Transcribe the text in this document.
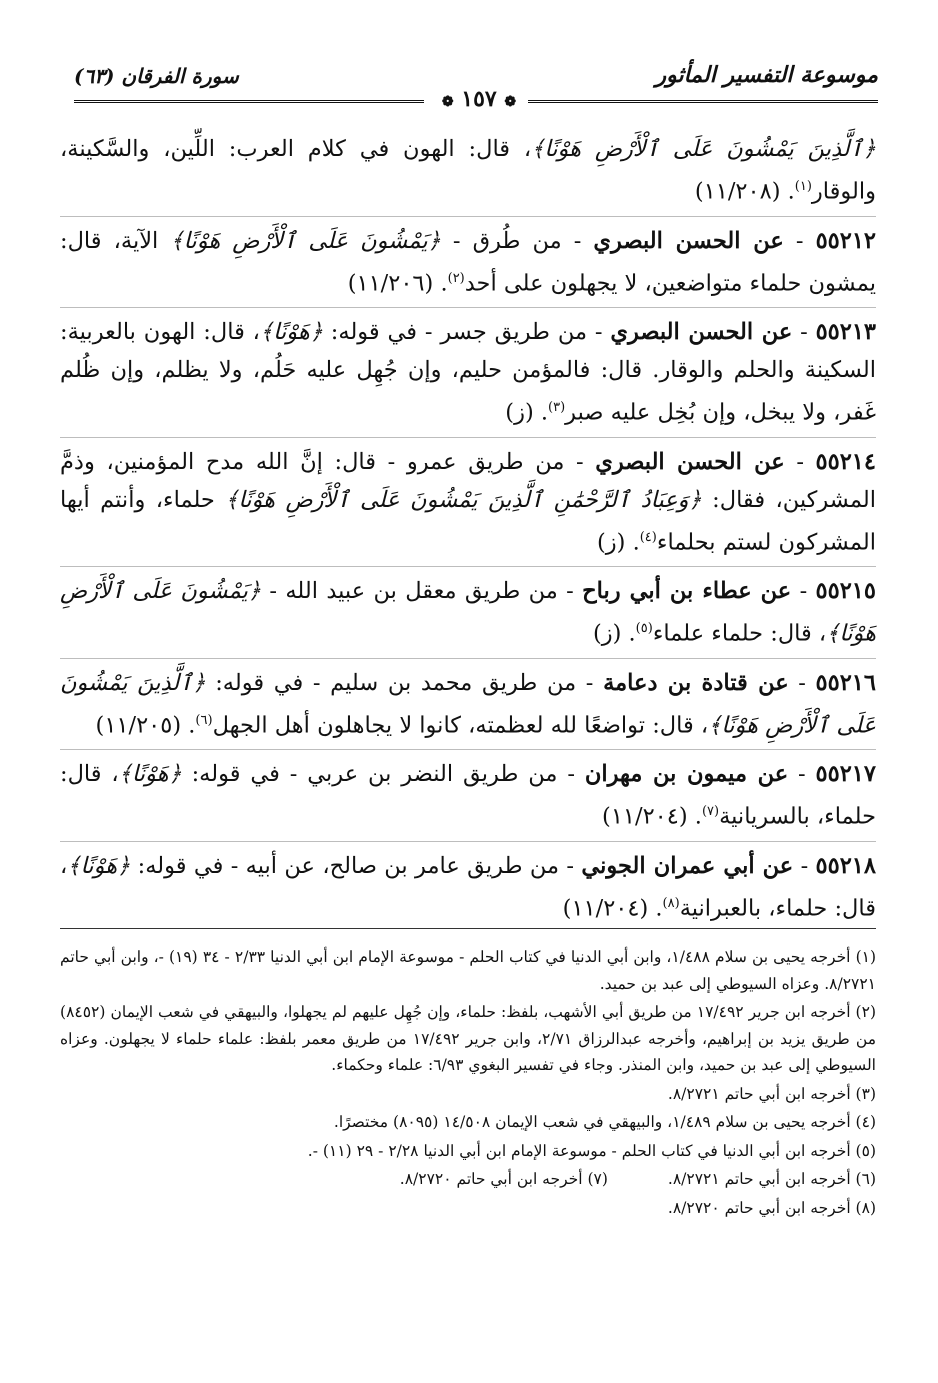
موسوعة التفسير المأثور
سورة الفرقان (٦٣)
❁ ١٥٧ ❁

﴿ٱلَّذِينَ يَمْشُونَ عَلَى ٱلْأَرْضِ هَوْنًا﴾، قال: الهون في كلام العرب: اللِّين، والسَّكينة، والوقار$^{(١)}$. (١١/٢٠٨)

٥٥٢١٢ - عن الحسن البصري - من طُرق - ﴿يَمْشُونَ عَلَى ٱلْأَرْضِ هَوْنًا﴾ الآية، قال: يمشون حلماء متواضعين، لا يجهلون على أحد$^{(٢)}$. (١١/٢٠٦)

٥٥٢١٣ - عن الحسن البصري - من طريق جسر - في قوله: ﴿هَوْنًا﴾، قال: الهون بالعربية: السكينة والحلم والوقار. قال: فالمؤمن حليم، وإن جُهِل عليه حَلُم، ولا يظلم، وإن ظُلم غَفر، ولا يبخل، وإن بُخِل عليه صبر$^{(٣)}$. (ز)

٥٥٢١٤ - عن الحسن البصري - من طريق عمرو - قال: إنَّ الله مدح المؤمنين، وذمَّ المشركين، فقال: ﴿وَعِبَادُ ٱلرَّحْمَٰنِ ٱلَّذِينَ يَمْشُونَ عَلَى ٱلْأَرْضِ هَوْنًا﴾ حلماء، وأنتم أيها المشركون لستم بحلماء$^{(٤)}$. (ز)

٥٥٢١٥ - عن عطاء بن أبي رباح - من طريق معقل بن عبيد الله - ﴿يَمْشُونَ عَلَى ٱلْأَرْضِ هَوْنًا﴾، قال: حلماء علماء$^{(٥)}$. (ز)

٥٥٢١٦ - عن قتادة بن دعامة - من طريق محمد بن سليم - في قوله: ﴿ٱلَّذِينَ يَمْشُونَ عَلَى ٱلْأَرْضِ هَوْنًا﴾، قال: تواضعًا لله لعظمته، كانوا لا يجاهلون أهل الجهل$^{(٦)}$. (١١/٢٠٥)

٥٥٢١٧ - عن ميمون بن مهران - من طريق النضر بن عربي - في قوله: ﴿هَوْنًا﴾، قال: حلماء، بالسريانية$^{(٧)}$. (١١/٢٠٤)

٥٥٢١٨ - عن أبي عمران الجوني - من طريق عامر بن صالح، عن أبيه - في قوله: ﴿هَوْنًا﴾، قال: حلماء، بالعبرانية$^{(٨)}$. (١١/٢٠٤)

(١) أخرجه يحيى بن سلام ١/٤٨٨، وابن أبي الدنيا في كتاب الحلم - موسوعة الإمام ابن أبي الدنيا ٢/٣٣ - ٣٤ (١٩) -، وابن أبي حاتم ٨/٢٧٢١. وعزاه السيوطي إلى عبد بن حميد.

(٢) أخرجه ابن جرير ١٧/٤٩٢ من طريق أبي الأشهب، بلفظ: حلماء، وإن جُهِل عليهم لم يجهلوا، والبيهقي في شعب الإيمان (٨٤٥٢) من طريق يزيد بن إبراهيم، وأخرجه عبدالرزاق ٢/٧١، وابن جرير ١٧/٤٩٢ من طريق معمر بلفظ: علماء حلماء لا يجهلون. وعزاه السيوطي إلى عبد بن حميد، وابن المنذر. وجاء في تفسير البغوي ٦/٩٣: علماء وحكماء.

(٣) أخرجه ابن أبي حاتم ٨/٢٧٢١.

(٤) أخرجه يحيى بن سلام ١/٤٨٩، والبيهقي في شعب الإيمان ١٤/٥٠٨ (٨٠٩٥) مختصرًا.

(٥) أخرجه ابن أبي الدنيا في كتاب الحلم - موسوعة الإمام ابن أبي الدنيا ٢/٢٨ - ٢٩ (١١) -.

(٦) أخرجه ابن أبي حاتم ٨/٢٧٢١.
(٧) أخرجه ابن أبي حاتم ٨/٢٧٢٠.

(٨) أخرجه ابن أبي حاتم ٨/٢٧٢٠.
